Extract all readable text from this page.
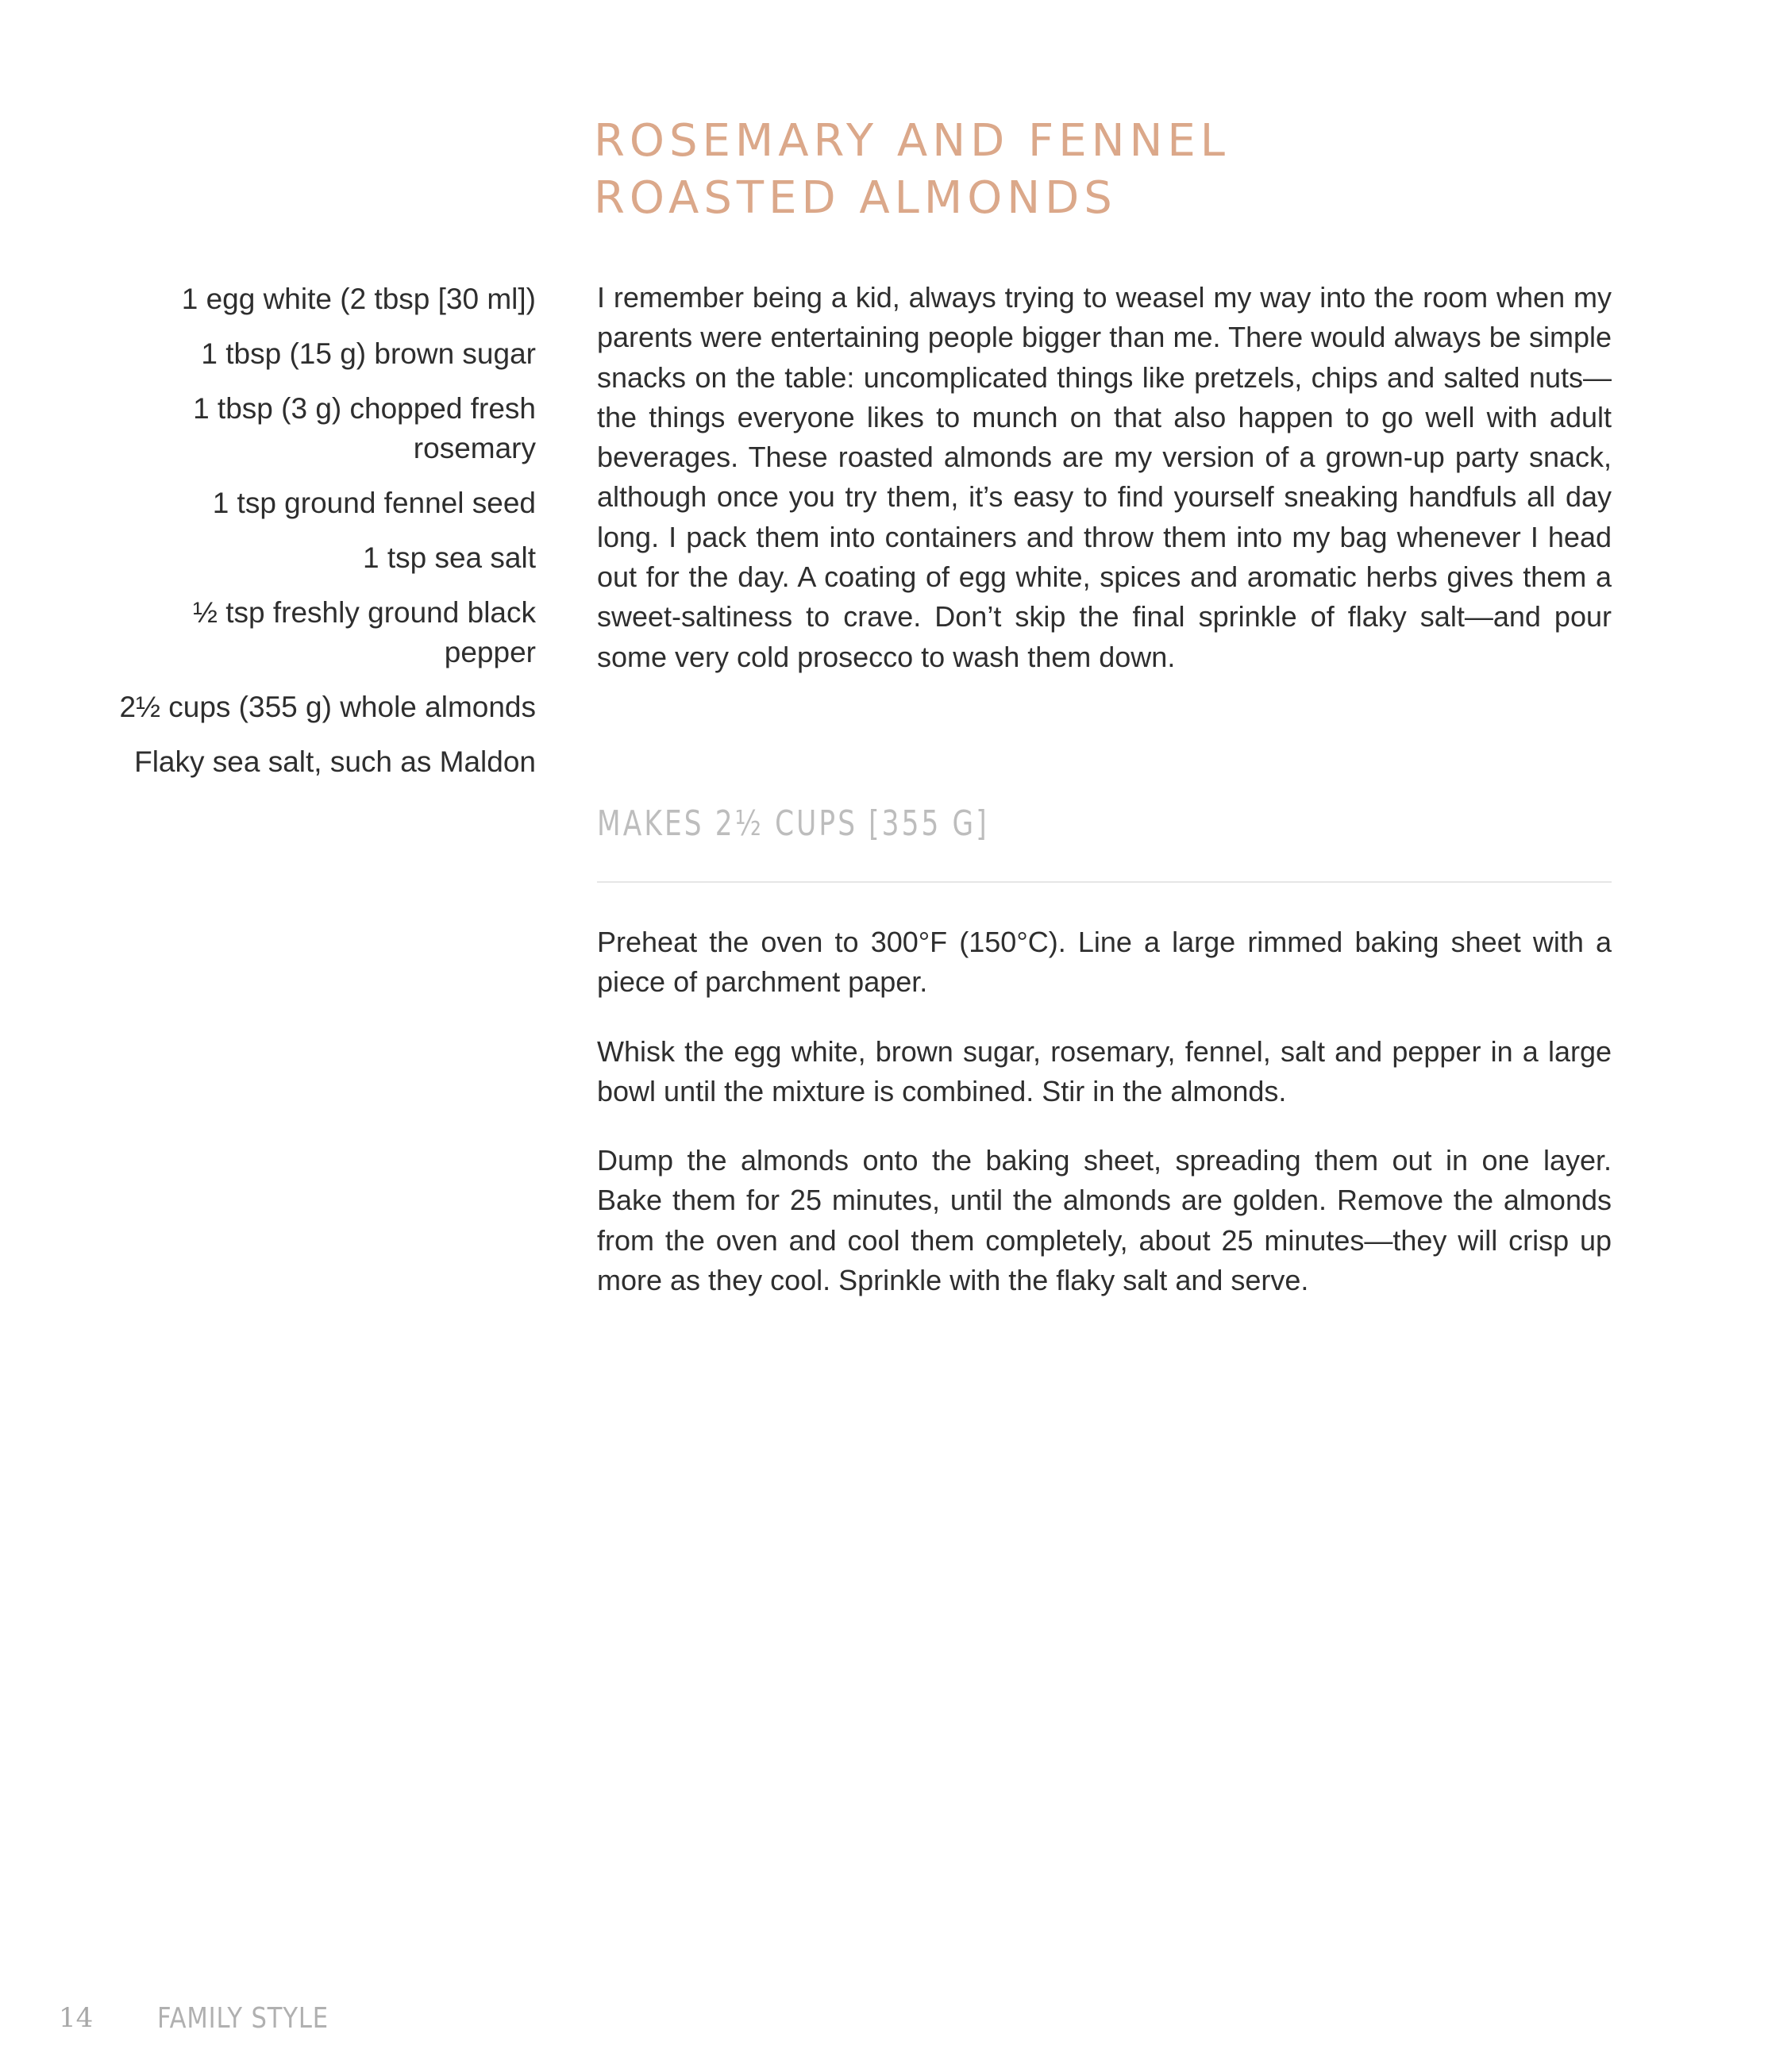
ROSEMARY AND FENNEL
ROASTED ALMONDS
1 egg white (2 tbsp [30 ml])
1 tbsp (15 g) brown sugar
1 tbsp (3 g) chopped fresh rosemary
1 tsp ground fennel seed
1 tsp sea salt
½ tsp freshly ground black pepper
2½ cups (355 g) whole almonds
Flaky sea salt, such as Maldon

I remember being a kid, always trying to weasel my way into the room when my parents were entertaining people bigger than me. There would always be simple snacks on the table: uncomplicated things like pretzels, chips and salted nuts—the things everyone likes to munch on that also happen to go well with adult beverages. These roasted almonds are my version of a grown-up party snack, although once you try them, it’s easy to find yourself sneaking handfuls all day long. I pack them into containers and throw them into my bag whenever I head out for the day. A coating of egg white, spices and aromatic herbs gives them a sweet-saltiness to crave. Don’t skip the final sprinkle of flaky salt—and pour some very cold prosecco to wash them down.

MAKES 2½ CUPS [355 G]

Preheat the oven to 300°F (150°C). Line a large rimmed baking sheet with a piece of parchment paper.

Whisk the egg white, brown sugar, rosemary, fennel, salt and pepper in a large bowl until the mixture is combined. Stir in the almonds.

Dump the almonds onto the baking sheet, spreading them out in one layer. Bake them for 25 minutes, until the almonds are golden. Remove the almonds from the oven and cool them completely, about 25 minutes—they will crisp up more as they cool. Sprinkle with the flaky salt and serve.

14 FAMILY STYLE
